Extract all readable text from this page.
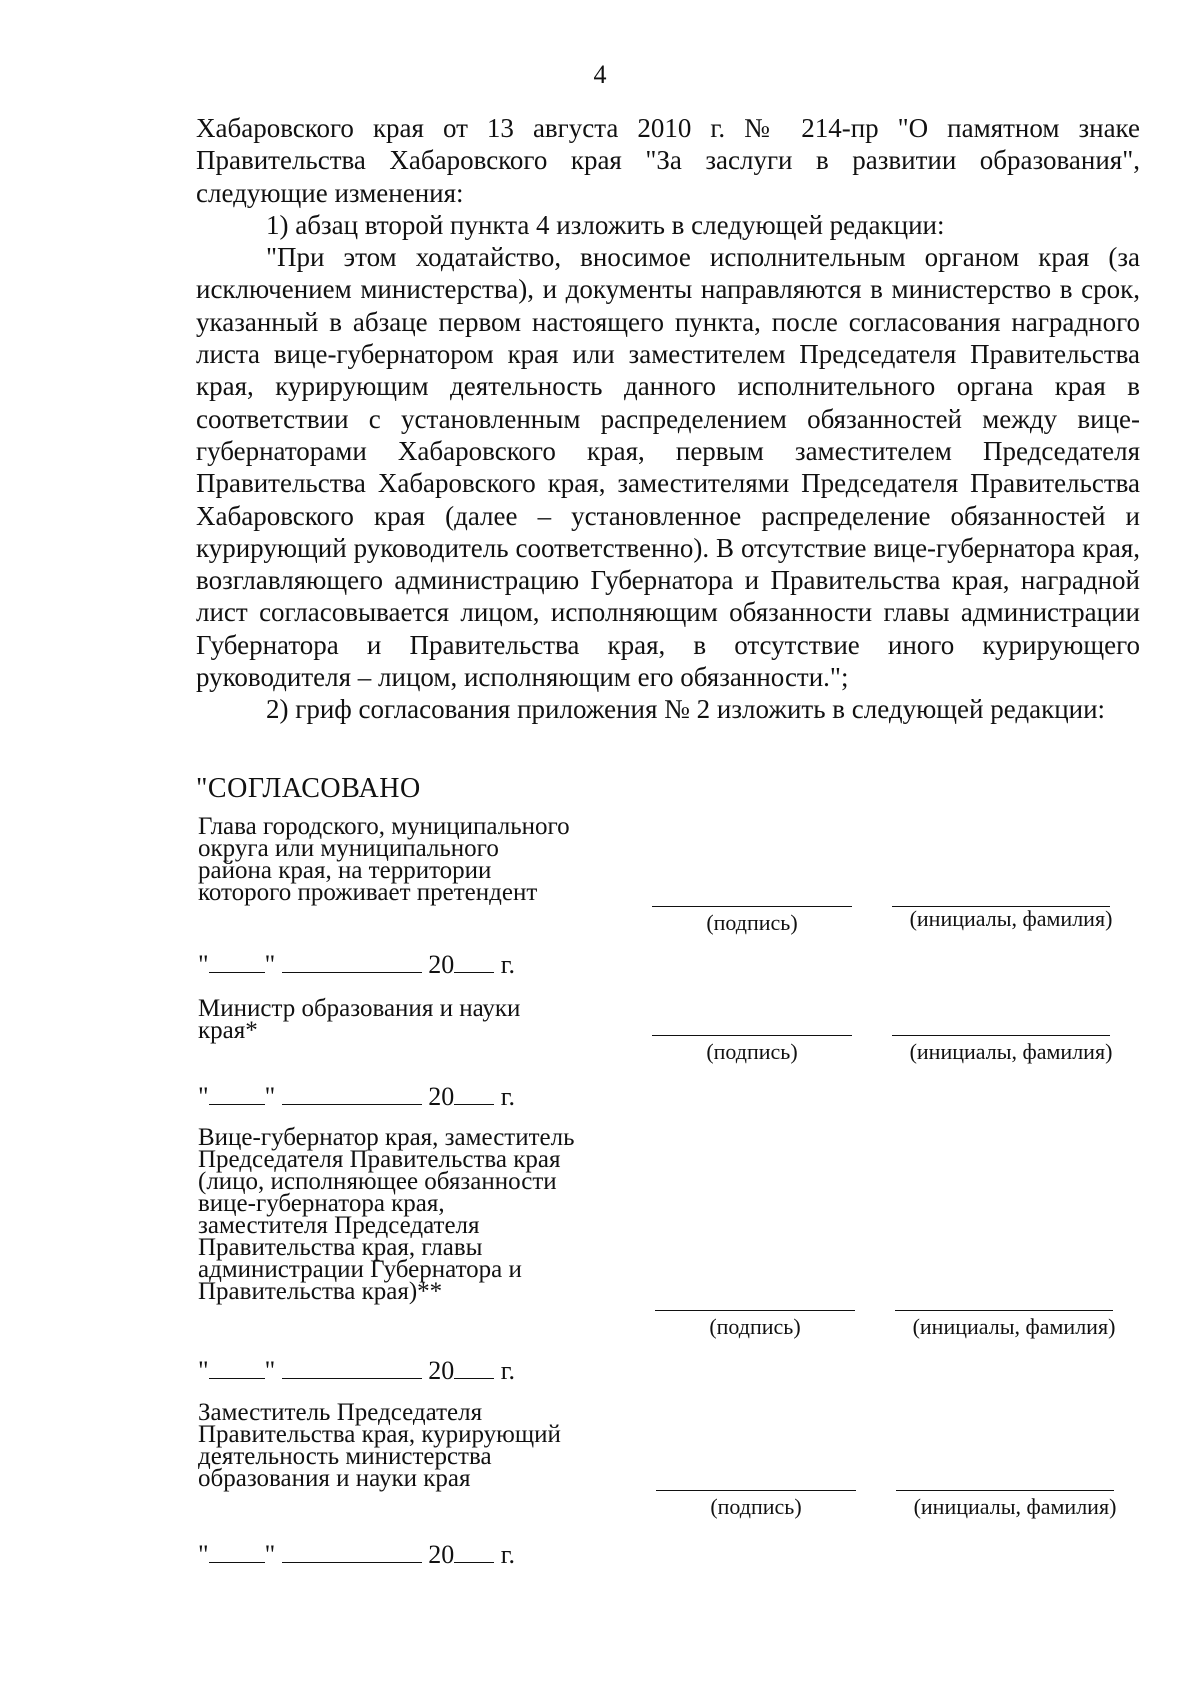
4

Хабаровского края от 13 августа 2010 г. № 214-пр "О памятном знаке Правительства Хабаровского края "За заслуги в развитии образования", следующие изменения:

1) абзац второй пункта 4 изложить в следующей редакции:

"При этом ходатайство, вносимое исполнительным органом края (за исключением министерства), и документы направляются в министерство в срок, указанный в абзаце первом настоящего пункта, после согласования наградного листа вице-губернатором края или заместителем Председателя Правительства края, курирующим деятельность данного исполнительного органа края в соответствии с установленным распределением обязанностей между вице-губернаторами Хабаровского края, первым заместителем Председателя Правительства Хабаровского края, заместителями Председателя Правительства Хабаровского края (далее – установленное распределение обязанностей и курирующий руководитель соответственно). В отсутствие вице-губернатора края, возглавляющего администрацию Губернатора и Правительства края, наградной лист согласовывается лицом, исполняющим обязанности главы администрации Губернатора и Правительства края, в отсутствие иного курирующего руководителя – лицом, исполняющим его обязанности.";

2) гриф согласования приложения № 2 изложить в следующей редакции:

"СОГЛАСОВАНО
Глава городского, муниципального
округа или муниципального
района края, на территории
которого проживает претендент
(подпись)	(инициалы, фамилия)
" "	20 г.
Министр образования и науки
края*
(подпись)	(инициалы, фамилия)
" "	20 г.
Вице-губернатор края, заместитель
Председателя Правительства края
(лицо, исполняющее обязанности
вице-губернатора края,
заместителя Председателя
Правительства края, главы
администрации Губернатора и
Правительства края)**
(подпись)	(инициалы, фамилия)
" "	20 г.
Заместитель Председателя
Правительства края, курирующий
деятельность министерства
образования и науки края
(подпись)	(инициалы, фамилия)
" "	20 г.
